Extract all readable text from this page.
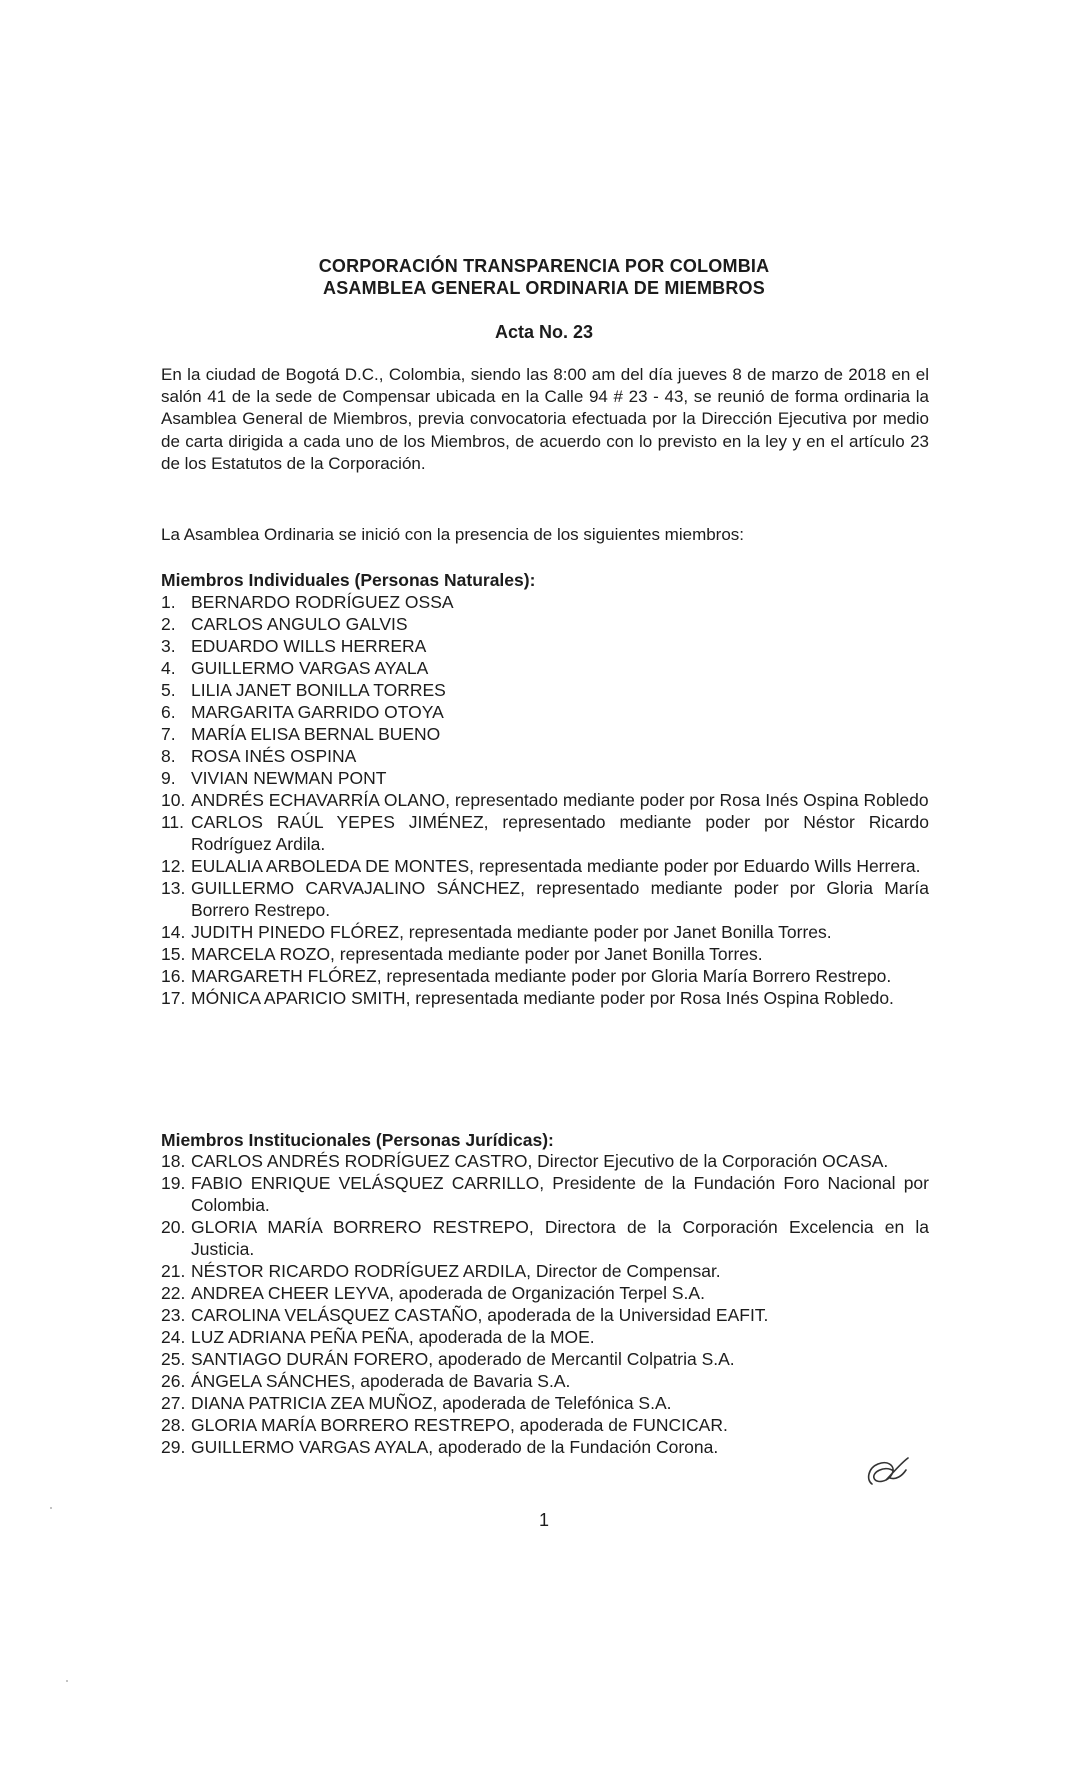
CORPORACIÓN TRANSPARENCIA POR COLOMBIA
ASAMBLEA GENERAL ORDINARIA DE MIEMBROS
Acta No. 23
En la ciudad de Bogotá D.C., Colombia, siendo las 8:00 am del día jueves 8 de marzo de 2018 en el salón 41 de la sede de Compensar ubicada en la Calle 94 # 23 - 43, se reunió de forma ordinaria la Asamblea General de Miembros, previa convocatoria efectuada por la Dirección Ejecutiva por medio de carta dirigida a cada uno de los Miembros, de acuerdo con lo previsto en la ley y en el artículo 23 de los Estatutos de la Corporación.
La Asamblea Ordinaria se inició con la presencia de los siguientes miembros:
Miembros Individuales (Personas Naturales):
1. BERNARDO RODRÍGUEZ OSSA
2. CARLOS ANGULO GALVIS
3. EDUARDO WILLS HERRERA
4. GUILLERMO VARGAS AYALA
5. LILIA JANET BONILLA TORRES
6. MARGARITA GARRIDO OTOYA
7. MARÍA ELISA BERNAL BUENO
8. ROSA INÉS OSPINA
9. VIVIAN NEWMAN PONT
10. ANDRÉS ECHAVARRÍA OLANO, representado mediante poder por Rosa Inés Ospina Robledo
11. CARLOS RAÚL YEPES JIMÉNEZ, representado mediante poder por Néstor Ricardo Rodríguez Ardila.
12. EULALIA ARBOLEDA DE MONTES, representada mediante poder por Eduardo Wills Herrera.
13. GUILLERMO CARVAJALINO SÁNCHEZ, representado mediante poder por Gloria María Borrero Restrepo.
14. JUDITH PINEDO FLÓREZ, representada mediante poder por Janet Bonilla Torres.
15. MARCELA ROZO, representada mediante poder por Janet Bonilla Torres.
16. MARGARETH FLÓREZ, representada mediante poder por Gloria María Borrero Restrepo.
17. MÓNICA APARICIO SMITH, representada mediante poder por Rosa Inés Ospina Robledo.
Miembros Institucionales (Personas Jurídicas):
18. CARLOS ANDRÉS RODRÍGUEZ CASTRO, Director Ejecutivo de la Corporación OCASA.
19. FABIO ENRIQUE VELÁSQUEZ CARRILLO, Presidente de la Fundación Foro Nacional por Colombia.
20. GLORIA MARÍA BORRERO RESTREPO, Directora de la Corporación Excelencia en la Justicia.
21. NÉSTOR RICARDO RODRÍGUEZ ARDILA, Director de Compensar.
22. ANDREA CHEER LEYVA, apoderada de Organización Terpel S.A.
23. CAROLINA VELÁSQUEZ CASTAÑO, apoderada de la Universidad EAFIT.
24. LUZ ADRIANA PEÑA PEÑA, apoderada de la MOE.
25. SANTIAGO DURÁN FORERO, apoderado de Mercantil Colpatria S.A.
26. ÁNGELA SÁNCHES, apoderada de Bavaria S.A.
27. DIANA PATRICIA ZEA MUÑOZ, apoderada de Telefónica S.A.
28. GLORIA MARÍA BORRERO RESTREPO, apoderada de FUNCICAR.
29. GUILLERMO VARGAS AYALA, apoderado de la Fundación Corona.
1
